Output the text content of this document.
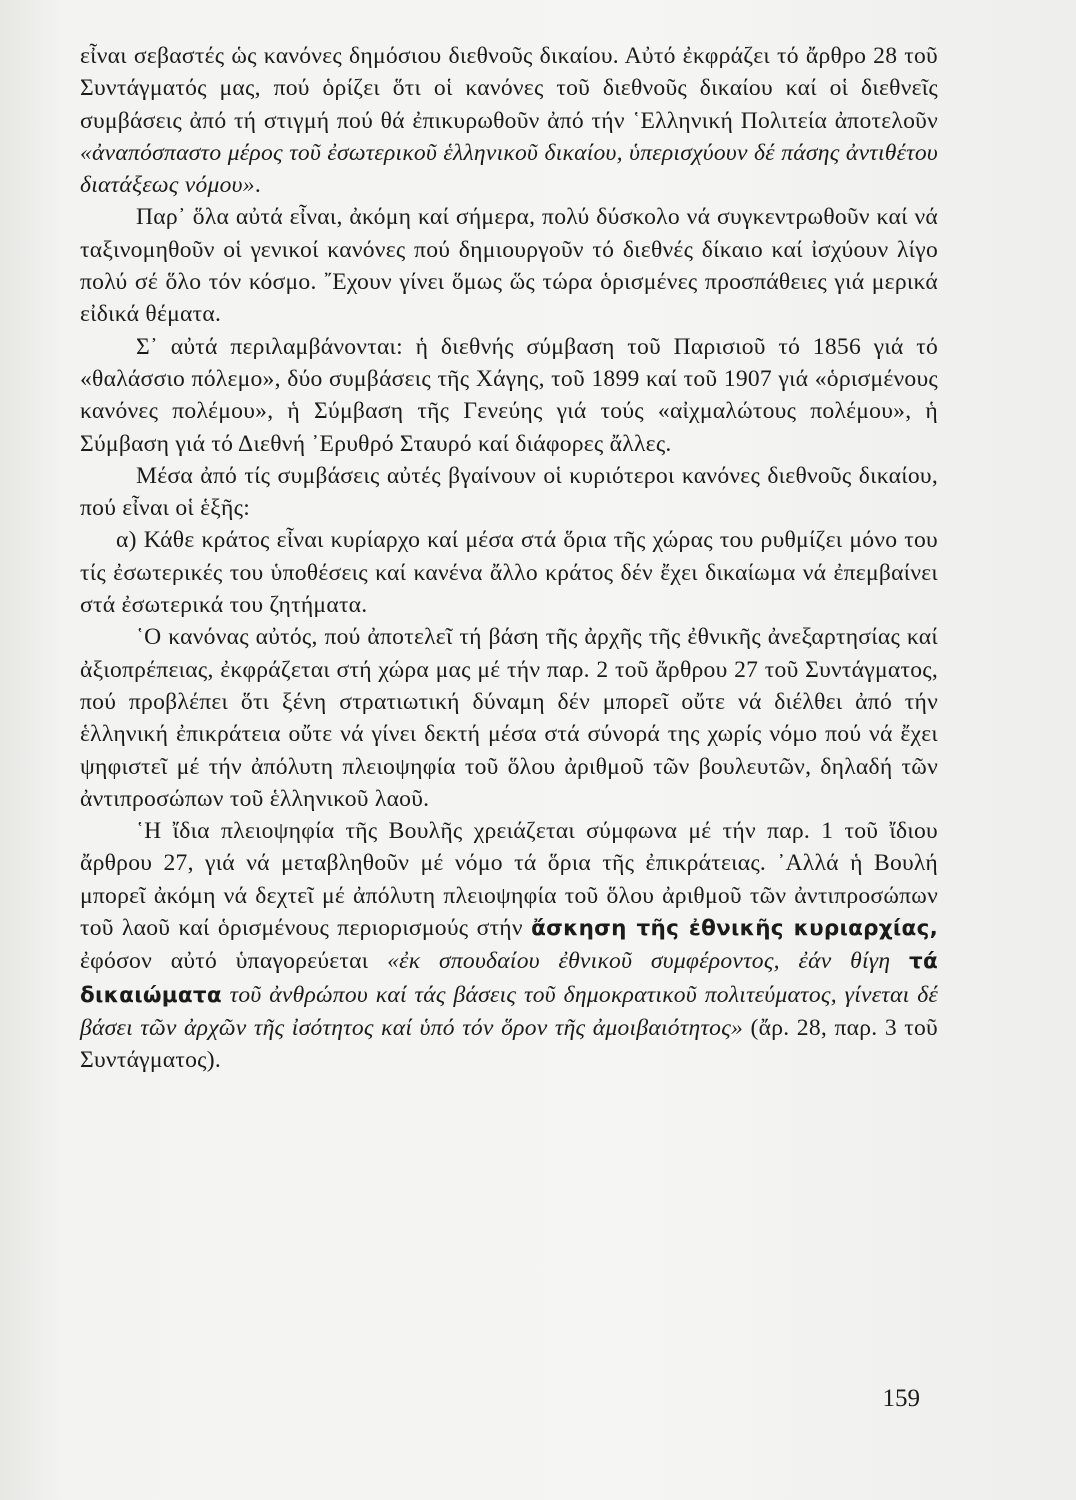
εἶναι σεβαστές ὡς κανόνες δημόσιου διεθνοῦς δικαίου. Αὐτό ἐκφράζει τό ἄρθρο 28 τοῦ Συντάγματός μας, πού ὁρίζει ὅτι οἱ κανόνες τοῦ διεθνοῦς δικαίου καί οἱ διεθνεῖς συμβάσεις ἀπό τή στιγμή πού θά ἐπικυρωθοῦν ἀπό τήν ῾Ελληνική Πολιτεία ἀποτελοῦν «ἀναπόσπαστο μέρος τοῦ ἐσωτερικοῦ ἑλληνικοῦ δικαίου, ὑπερισχύουν δέ πάσης ἀντιθέτου διατάξεως νόμου».

Παρ᾽ ὅλα αὐτά εἶναι, ἀκόμη καί σήμερα, πολύ δύσκολο νά συγκεντρωθοῦν καί νά ταξινομηθοῦν οἱ γενικοί κανόνες πού δημιουργοῦν τό διεθνές δίκαιο καί ἰσχύουν λίγο πολύ σέ ὅλο τόν κόσμο. ῎Εχουν γίνει ὅμως ὥς τώρα ὁρισμένες προσπάθειες γιά μερικά εἰδικά θέματα.

Σ᾽ αὐτά περιλαμβάνονται: ἡ διεθνής σύμβαση τοῦ Παρισιοῦ τό 1856 γιά τό «θαλάσσιο πόλεμο», δύο συμβάσεις τῆς Χάγης, τοῦ 1899 καί τοῦ 1907 γιά «ὁρισμένους κανόνες πολέμου», ἡ Σύμβαση τῆς Γενεύης γιά τούς «αἰχμαλώτους πολέμου», ἡ Σύμβαση γιά τό Διεθνή ᾽Ερυθρό Σταυρό καί διάφορες ἄλλες.

Μέσα ἀπό τίς συμβάσεις αὐτές βγαίνουν οἱ κυριότεροι κανόνες διεθνοῦς δικαίου, πού εἶναι οἱ ἑξῆς:

α) Κάθε κράτος εἶναι κυρίαρχο καί μέσα στά ὅρια τῆς χώρας του ρυθμίζει μόνο του τίς ἐσωτερικές του ὑποθέσεις καί κανένα ἄλλο κράτος δέν ἔχει δικαίωμα νά ἐπεμβαίνει στά ἐσωτερικά του ζητήματα.

῾Ο κανόνας αὐτός, πού ἀποτελεῖ τή βάση τῆς ἀρχῆς τῆς ἐθνικῆς ἀνεξαρτησίας καί ἀξιοπρέπειας, ἐκφράζεται στή χώρα μας μέ τήν παρ. 2 τοῦ ἄρθρου 27 τοῦ Συντάγματος, πού προβλέπει ὅτι ξένη στρατιωτική δύναμη δέν μπορεῖ οὔτε νά διέλθει ἀπό τήν ἑλληνική ἐπικράτεια οὔτε νά γίνει δεκτή μέσα στά σύνορά της χωρίς νόμο πού νά ἔχει ψηφιστεῖ μέ τήν ἀπόλυτη πλειοψηφία τοῦ ὅλου ἀριθμοῦ τῶν βουλευτῶν, δηλαδή τῶν ἀντιπροσώπων τοῦ ἑλληνικοῦ λαοῦ.

῾Η ἴδια πλειοψηφία τῆς Βουλῆς χρειάζεται σύμφωνα μέ τήν παρ. 1 τοῦ ἴδιου ἄρθρου 27, γιά νά μεταβληθοῦν μέ νόμο τά ὅρια τῆς ἐπικράτειας. ᾽Αλλά ἡ Βουλή μπορεῖ ἀκόμη νά δεχτεῖ μέ ἀπόλυτη πλειοψηφία τοῦ ὅλου ἀριθμοῦ τῶν ἀντιπροσώπων τοῦ λαοῦ καί ὁρισμένους περιορισμούς στήν ἄσκηση τῆς ἐθνικῆς κυριαρχίας, ἐφόσον αὐτό ὑπαγορεύεται «ἐκ σπουδαίου ἐθνικοῦ συμφέροντος, ἐάν θίγη τά δικαιώματα τοῦ ἀνθρώπου καί τάς βάσεις τοῦ δημοκρατικοῦ πολιτεύματος, γίνεται δέ βάσει τῶν ἀρχῶν τῆς ἰσότητος καί ὑπό τόν ὅρον τῆς ἀμοιβαιότητος» (ἄρ. 28, παρ. 3 τοῦ Συντάγματος).

159
